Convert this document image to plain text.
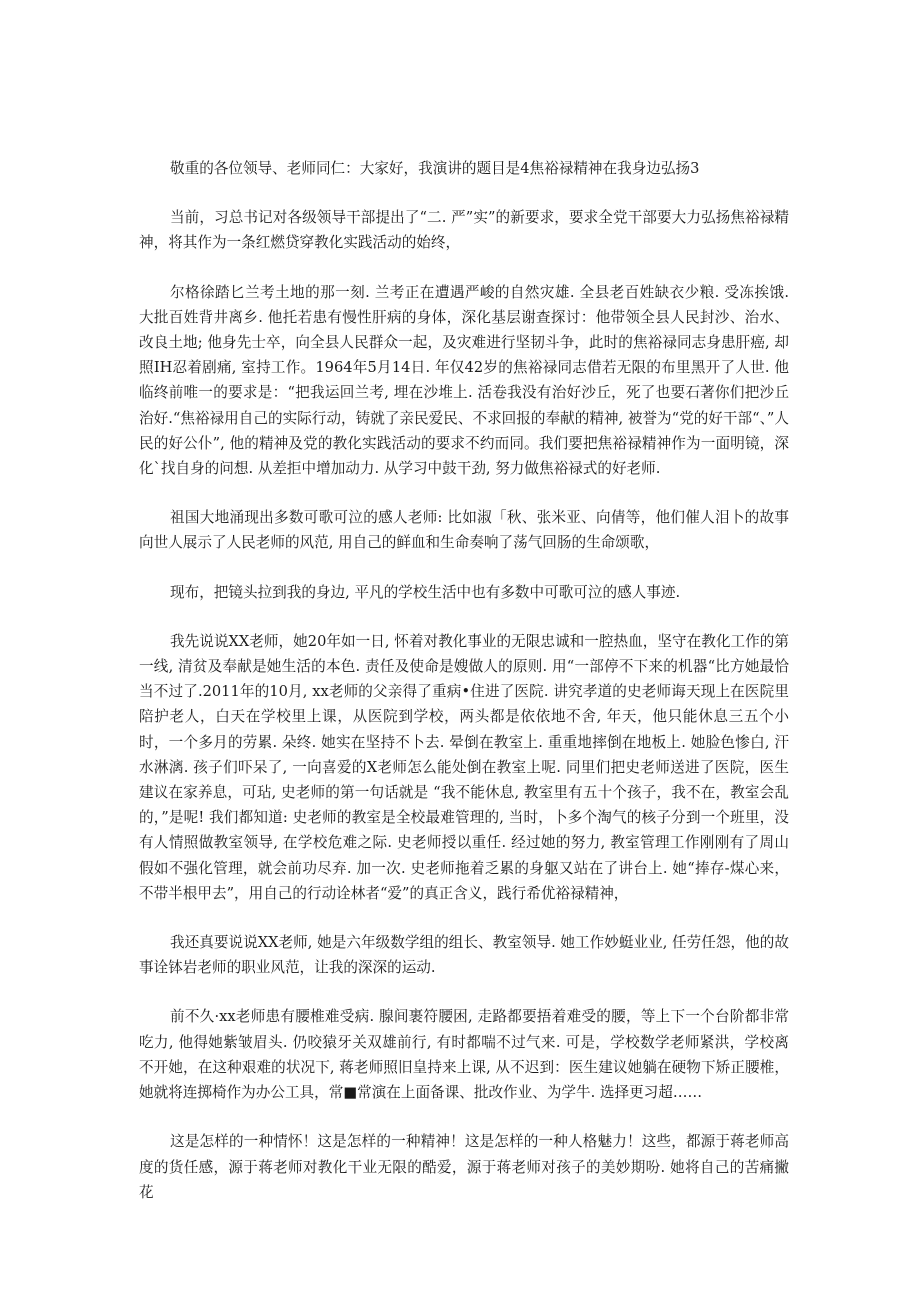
敬重的各位领导、老师同仁：大家好，我演讲的题目是4焦裕禄精神在我身边弘扬3

当前，习总书记对各级领导干部提出了“二. 严”实”的新要求，要求全党干部要大力弘扬焦裕禄精神，将其作为一条红燃贷穿教化实践活动的始终，

尔格徐踏匕兰考土地的那一刻. 兰考正在遭遇严峻的自然灾雄. 全县老百姓缺衣少粮. 受冻挨饿. 大批百姓背井离乡. 他托若患有慢性肝病的身体，深化基层谢查探讨：他带领全县人民封沙、治水、改良土地; 他身先士卒，向全县人民群众一起，及灾难进行坚韧斗争，此时的焦裕禄同志身患肝癌, 却照IH忍着剧痛, 室持工作。1964年5月14日. 年仅42岁的焦裕禄同志借若无限的布里黑开了人世. 他临终前唯一的要求是：“把我运回兰考, 埋在沙堆上. 活卷我没有治好沙丘，死了也要石著你们把沙丘治好.“焦裕禄用自己的实际行动，铸就了亲民爱民、不求回报的奉献的精神, 被誉为“党的好干部“、”人民的好公仆”, 他的精神及党的教化实践活动的要求不约而同。我们要把焦裕禄精神作为一面明镜，深化`找自身的问想. 从差拒中增加动力. 从学习中鼓干劲, 努力做焦裕禄式的好老师.

祖国大地涌现出多数可歌可泣的感人老师: 比如淑「秋、张米亚、向倩等，他们催人泪卜的故事向世人展示了人民老师的风范, 用自己的鲜血和生命奏响了荡气回肠的生命颂歌，

现布，把镜头拉到我的身边, 平凡的学校生活中也有多数中可歌可泣的感人事迹.

我先说说XX老师，她20年如一日, 怀着对教化事业的无限忠诚和一腔热血，坚守在教化工作的第一线, 清贫及奉献是她生活的本色. 责任及使命是嫂做人的原则. 用“一部停不下来的机器“比方她最恰当不过了.2011年的10月, xx老师的父亲得了重病•住进了医院. 讲究孝道的史老师诲天现上在医院里陪护老人，白天在学校里上课，从医院到学校，两头都是依依地不舍, 年天，他只能休息三五个小时，一个多月的劳累. 朵终. 她实在坚持不卜去. 晕倒在教室上. 重重地摔倒在地板上. 她脸色惨白, 汗水淋漓. 孩子们吓呆了, 一向喜爱的X老师怎么能处倒在教室上呢. 同里们把史老师送进了医院，医生建议在家养息，可玷, 史老师的第一句话就是 “我不能休息, 教室里有五十个孩子，我不在，教室会乱的，”是呢! 我们都知道: 史老师的教室是全校最难管理的, 当时，卜多个淘气的核子分到一个班里，没有人情照做教室领导, 在学校危难之际. 史老师授以重任. 经过她的努力, 教室管理工作刚刚有了周山假如不强化管理，就会前功尽弃. 加一次. 史老师拖着乏累的身躯又站在了讲台上. 她“捧存-煤心来，不带半根甲去”，用自己的行动诠林者“爱”的真正含义，践行希优裕禄精神，

我还真要说说XX老师, 她是六年级数学组的组长、教室领导. 她工作妙蜓业业, 任劳任怨，他的故事诠钵岩老师的职业风范，让我的深深的运动.

前不久·xx老师患有腰椎难受病. 腺间裹符腰困, 走路都要捂着难受的腰，等上下一个台阶都非常吃力, 他得她紫皱眉头. 仍咬猿牙关双雄前行, 有时都喘不过气来. 可是，学校数学老师紧洪，学校离不开她，在这种艰难的状况下, 蒋老师照旧皇持来上课, 从不迟到：医生建议她躺在硬物下矫正腰椎，她就将连掷椅作为办公工具，常■常演在上面备课、批改作业、为学牛. 选择更习超……

这是怎样的一种情怀！这是怎样的一种精神！这是怎样的一种人格魅力！这些，都源于蒋老师高度的货任感，源于蒋老师对教化干业无限的酷爱，源于蒋老师对孩子的美妙期吩. 她将自己的苦痛撇花
